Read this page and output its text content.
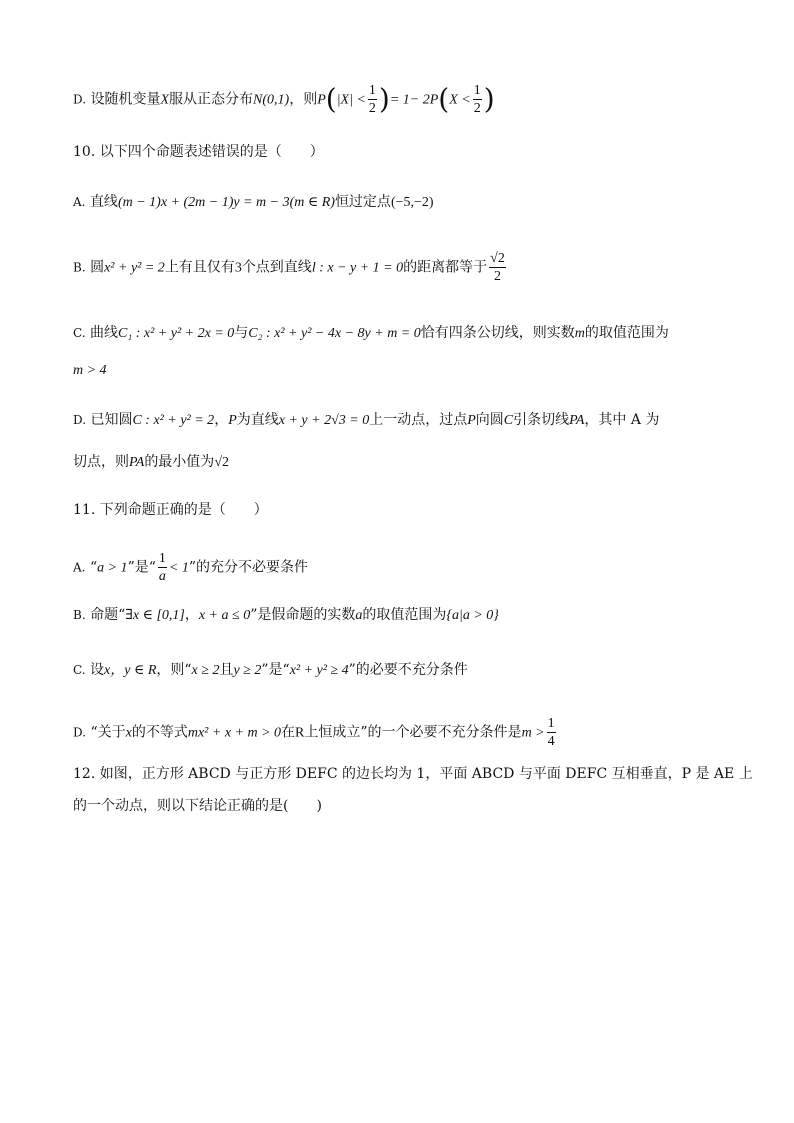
D. 设随机变量X服从正态分布N(0,1)，则$P(|X| < \frac{1}{2}$ )= $1- 2P(X < \frac{1}{2}$ )
10. 以下四个命题表述错误的是（　　）
A. 直线(m − 1)x + (2m − 1)y = m − 3(m ∈ R)恒过定点(−5,−2)
B. 圆x² + y² = 2上有且仅有3个点到直线l : x − y + 1 = 0的距离都等于 $\frac{√2}{2}$
C. 曲线C₁ : x² + y² + 2x = 0与C₂ : x² + y² − 4x − 8y + m = 0恰有四条公切线，则实数m的取值范围为
m > 4
D. 已知圆C : x² + y² = 2，P为直线x + y + 2√3 = 0上一动点，过点P向圆C引条切线PA，其中 A 为
切点，则PA的最小值为√2
11. 下列命题正确的是（　　）
A. “a > 1”是“ $\frac{1}{a} < 1$”的充分不必要条件
B. 命题“∃x ∈ [0,1]，x + a ≤ 0”是假命题的实数a的取值范围为{a|a > 0}
C. 设x，y ∈ R，则“x ≥ 2且y ≥ 2”是“x² + y² ≥ 4”的必要不充分条件
D. “关于x的不等式mx² + x + m > 0在R上恒成立”的一个必要不充分条件是$m > \frac{1}{4}$
12. 如图，正方形 ABCD 与正方形 DEFC 的边长均为 1，平面 ABCD 与平面 DEFC 互相垂直，P 是 AE 上
的一个动点，则以下结论正确的是(　　)
